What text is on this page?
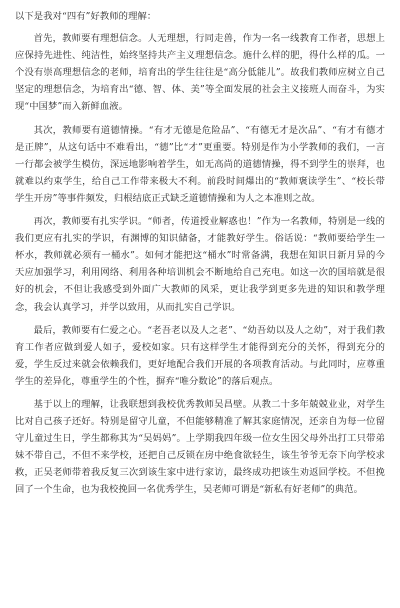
以下是我对“四有”好教师的理解：

首先，教师要有理想信念。人无理想，行同走兽，作为一名一线教育工作者，思想上应保持先进性、纯洁性，始终坚持共产主义理想信念。施什么样的肥，得什么样的瓜。一个没有崇高理想信念的老师，培育出的学生往往是“高分低能儿”。故我们教师应树立自己坚定的理想信念，为培育出“德、智、体、美”等全面发展的社会主义接班人而奋斗，为实现“中国梦”而入新鲜血液。

其次，教师要有道德情操。“有才无德是危险品”、“有德无才是次品”、“有才有德才是正牌”，从这句话中不难看出，“德”比“才”更重要。特别是作为小学教师的我们，一言一行都会被学生模仿，深远地影响着学生，如无高尚的道德情操，得不到学生的崇拜，也就难以约束学生，给自己工作带来极大不利。前段时间爆出的“教师褒读学生”、“校长带学生开房”等事件频发，归根结底正式缺乏道德情操和为人之本准则之故。

再次，教师要有扎实学识。“师者，传道授业解惑也！”作为一名教师，特别是一线的我们更应有扎实的学识，有渊博的知识储备，才能教好学生。俗话说：“教师要给学生一杯水，教师就必须有一桶水”。如何才能把这“桶水”时常备满，我想在知识日新月异的今天应加强学习，利用网络、利用各种培训机会不断地给自己充电。如这一次的国培就是很好的机会，不但让我感受到外面广大教师的风采，更让我学到更多先进的知识和教学理念，我会认真学习，并学以致用，从而扎实自己学识。

最后，教师要有仁爱之心。“老吾老以及人之老”、“幼吾幼以及人之幼”，对于我们教育工作者应做到爱人如子，爱校如家。只有这样学生才能得到充分的关怀，得到充分的爱，学生反过来就会依赖我们，更好地配合我们开展的各项教育活动。与此同时，应尊重学生的差异化，尊重学生的个性，摒弃“唯分数论”的落后观点。

基于以上的理解，让我联想到我校优秀教师吴昌壁。从教二十多年兢兢业业，对学生比对自己孩子还好。特别是留守儿童，不但能够精准了解其家庭情况，还亲自为每一位留守儿童过生日，学生都称其为“吴妈妈”。上学期我四年级一位女生因父母外出打工只带弟妹不带自己，不但不来学校，还把自己反锁在房中绝食欲轻生，该生爷爷无奈下向学校求救，正吴老师带着我反复三次到该生家中进行家访，最终成功把该生劝返回学校。不但挽回了一个生命，也为我校挽回一名优秀学生，吴老师可谓是“新私有好老师”的典范。
